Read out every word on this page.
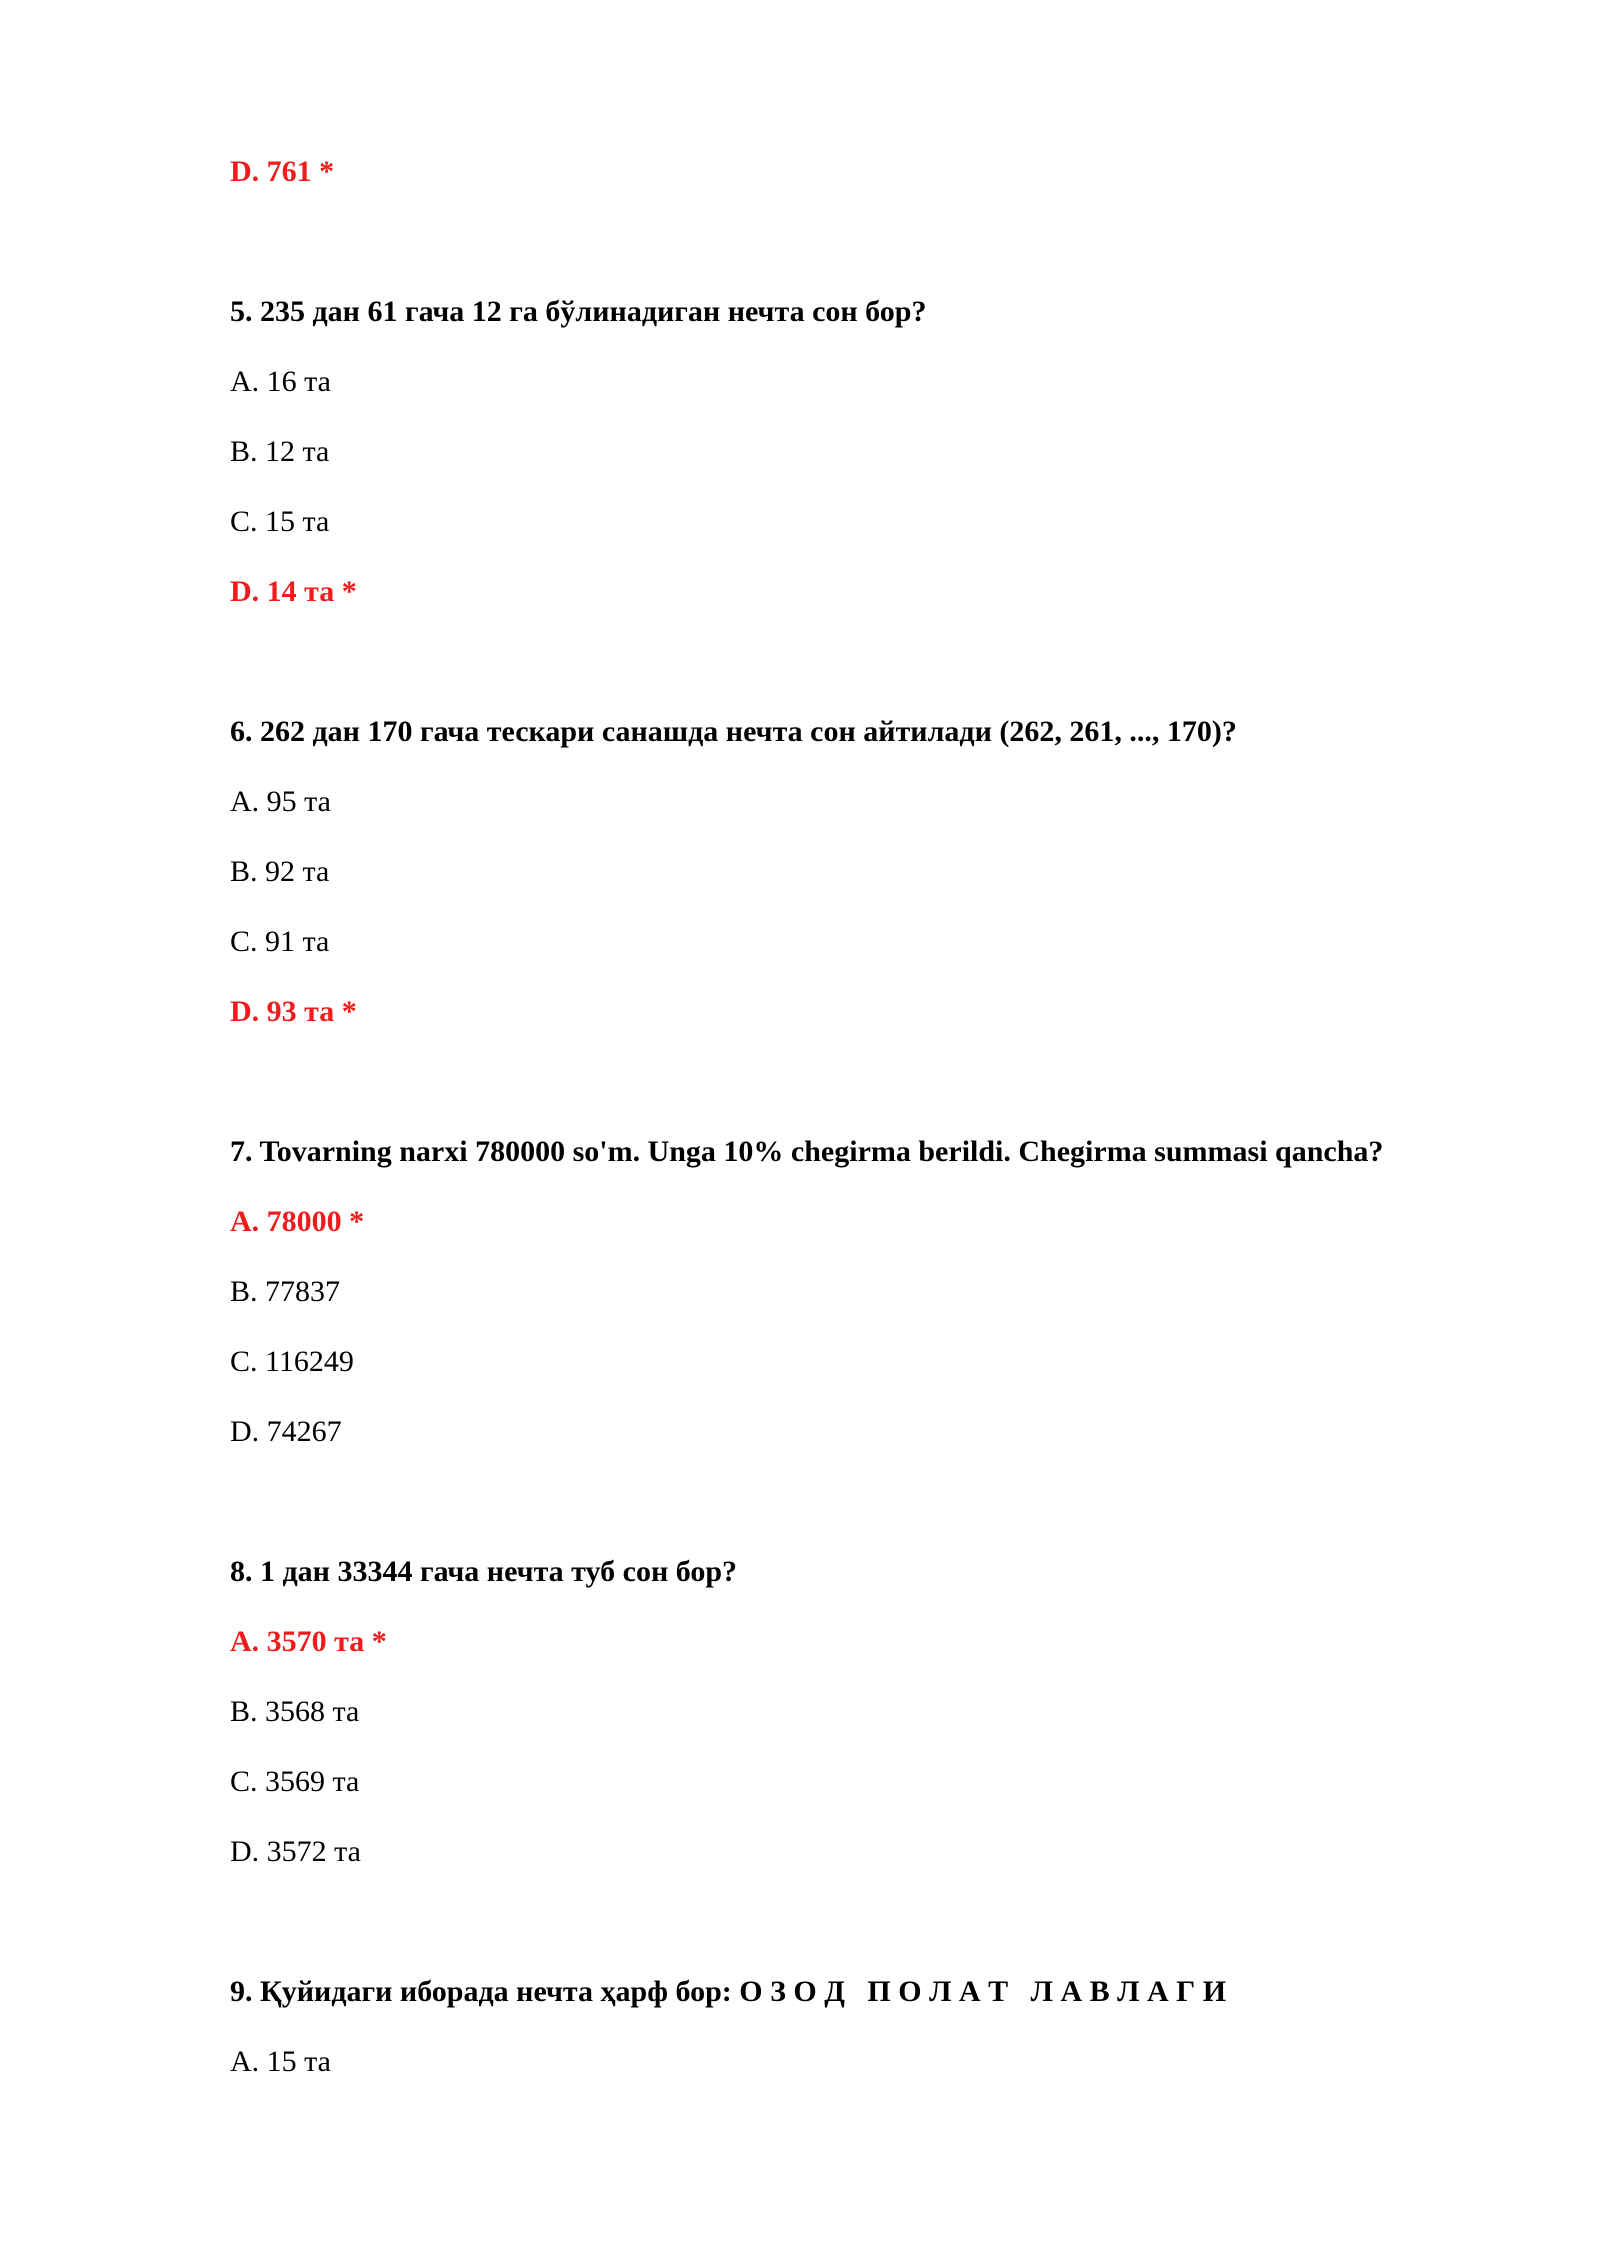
D. 761 *
5. 235 дан 61 гача 12 га бўлинадиган нечта сон бор?
A. 16 та
B. 12 та
C. 15 та
D. 14 та *
6. 262 дан 170 гача тескари санашда нечта сон айтилади (262, 261, ..., 170)?
A. 95 та
B. 92 та
C. 91 та
D. 93 та *
7. Tovarning narxi 780000 so'm. Unga 10% chegirma berildi. Chegirma summasi qancha?
A. 78000 *
B. 77837
C. 116249
D. 74267
8. 1 дан 33344 гача нечта туб сон бор?
A. 3570 та *
B. 3568 та
C. 3569 та
D. 3572 та
9. Қуйидаги иборада нечта ҳарф бор: О З О Д   П О Л А Т   Л А В Л А Г И
A. 15 та
